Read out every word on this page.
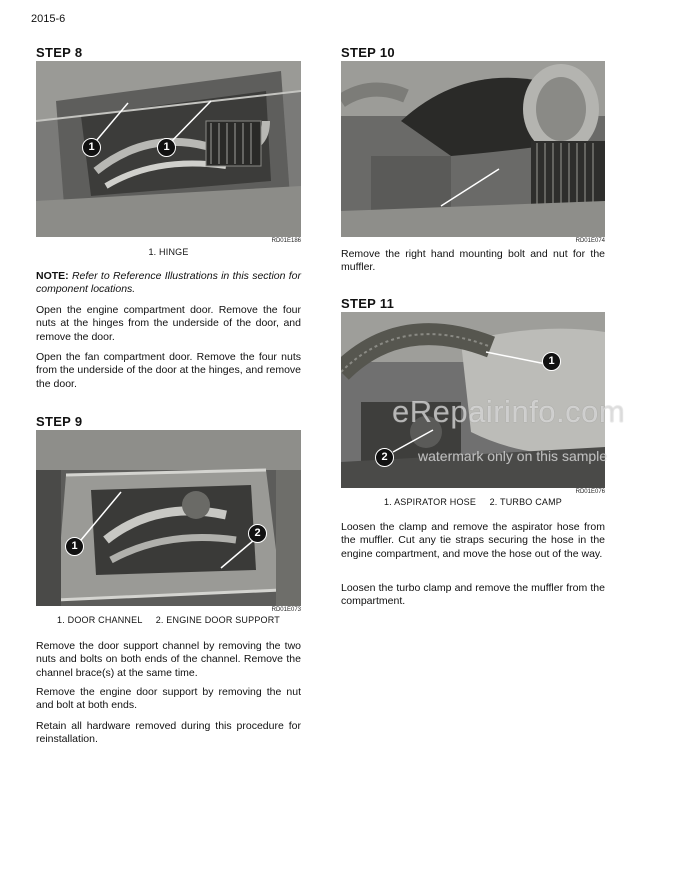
2015-6
STEP 8
1	1
RD01E186
1. HINGE

NOTE: Refer to Reference Illustrations in this section for component locations.

Open the engine compartment door. Remove the four nuts at the hinges from the underside of the door, and remove the door.

Open the fan compartment door. Remove the four nuts from the underside of the door at the hinges, and remove the door.

STEP 9
1
2
RD01E073
1. DOOR CHANNEL     2. ENGINE DOOR SUPPORT

Remove the door support channel by removing the two nuts and bolts on both ends of the channel. Remove the channel brace(s) at the same time.

Remove the engine door support by removing the nut and bolt at both ends.

Retain all hardware removed during this procedure for reinstallation.

STEP 10
RD01E074

Remove the right hand mounting bolt and nut for the muffler.

STEP 11
1
2
RD01E076
1. ASPIRATOR HOSE     2. TURBO CAMP

Loosen the clamp and remove the aspirator hose from the muffler. Cut any tie straps securing the hose in the engine compartment, and move the hose out of the way.

Loosen the turbo clamp and remove the muffler from the compartment.

eRepairinfo.com
watermark only on this sample
